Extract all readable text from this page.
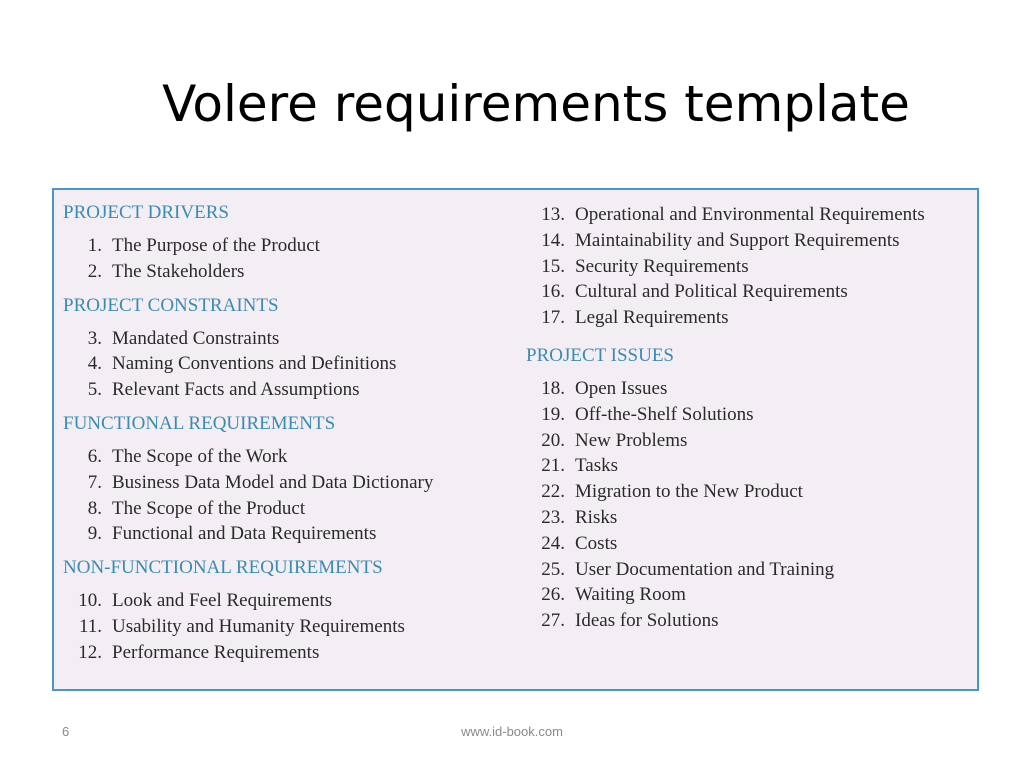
Volere requirements template
PROJECT DRIVERS
1. The Purpose of the Product
2. The Stakeholders
PROJECT CONSTRAINTS
3. Mandated Constraints
4. Naming Conventions and Definitions
5. Relevant Facts and Assumptions
FUNCTIONAL REQUIREMENTS
6. The Scope of the Work
7. Business Data Model and Data Dictionary
8. The Scope of the Product
9. Functional and Data Requirements
NON-FUNCTIONAL REQUIREMENTS
10. Look and Feel Requirements
11. Usability and Humanity Requirements
12. Performance Requirements
13. Operational and Environmental Requirements
14. Maintainability and Support Requirements
15. Security Requirements
16. Cultural and Political Requirements
17. Legal Requirements
PROJECT ISSUES
18. Open Issues
19. Off-the-Shelf Solutions
20. New Problems
21. Tasks
22. Migration to the New Product
23. Risks
24. Costs
25. User Documentation and Training
26. Waiting Room
27. Ideas for Solutions
6	www.id-book.com
